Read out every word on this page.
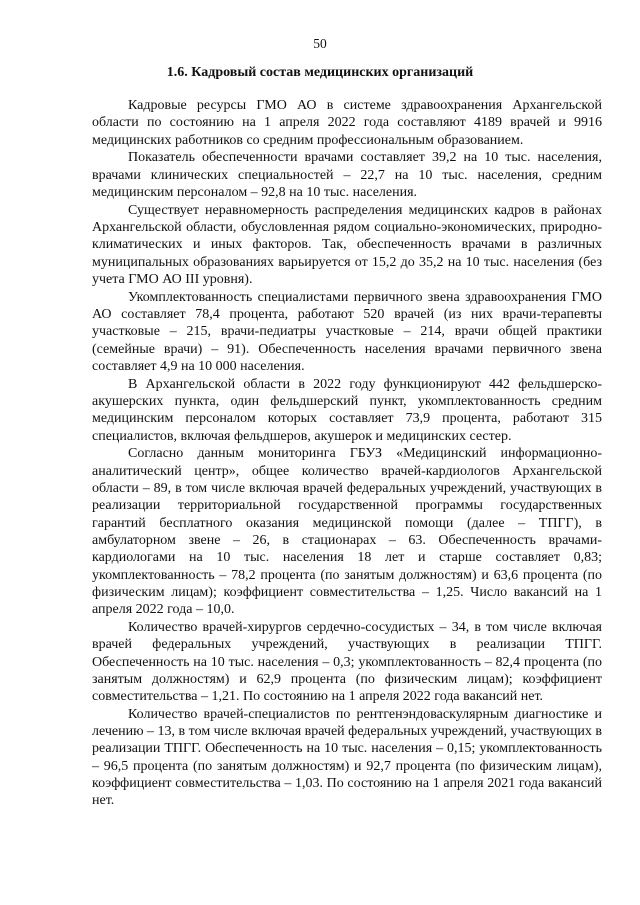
50
1.6. Кадровый состав медицинских организаций

Кадровые ресурсы ГМО АО в системе здравоохранения Архангельской области по состоянию на 1 апреля 2022 года составляют 4189 врачей и 9916 медицинских работников со средним профессиональным образованием.

Показатель обеспеченности врачами составляет 39,2 на 10 тыс. населения, врачами клинических специальностей – 22,7 на 10 тыс. населения, средним медицинским персоналом – 92,8 на 10 тыс. населения.

Существует неравномерность распределения медицинских кадров в районах Архангельской области, обусловленная рядом социально-экономических, природно-климатических и иных факторов. Так, обеспеченность врачами в различных муниципальных образованиях варьируется от 15,2 до 35,2 на 10 тыс. населения (без учета ГМО АО III уровня).

Укомплектованность специалистами первичного звена здравоохранения ГМО АО составляет 78,4 процента, работают 520 врачей (из них врачи-терапевты участковые – 215, врачи-педиатры участковые – 214, врачи общей практики (семейные врачи) – 91). Обеспеченность населения врачами первичного звена составляет 4,9 на 10 000 населения.

В Архангельской области в 2022 году функционируют 442 фельдшерско-акушерских пункта, один фельдшерский пункт, укомплектованность средним медицинским персоналом которых составляет 73,9 процента, работают 315 специалистов, включая фельдшеров, акушерок и медицинских сестер.

Согласно данным мониторинга ГБУЗ «Медицинский информационно-аналитический центр», общее количество врачей-кардиологов Архангельской области – 89, в том числе включая врачей федеральных учреждений, участвующих в реализации территориальной государственной программы государственных гарантий бесплатного оказания медицинской помощи (далее – ТПГГ), в амбулаторном звене – 26, в стационарах – 63. Обеспеченность врачами-кардиологами на 10 тыс. населения 18 лет и старше составляет 0,83; укомплектованность – 78,2 процента (по занятым должностям) и 63,6 процента (по физическим лицам); коэффициент совместительства – 1,25. Число вакансий на 1 апреля 2022 года – 10,0.

Количество врачей-хирургов сердечно-сосудистых – 34, в том числе включая врачей федеральных учреждений, участвующих в реализации ТПГГ. Обеспеченность на 10 тыс. населения – 0,3; укомплектованность – 82,4 процента (по занятым должностям) и 62,9 процента (по физическим лицам); коэффициент совместительства – 1,21. По состоянию на 1 апреля 2022 года вакансий нет.

Количество врачей-специалистов по рентгенэндоваскулярным диагностике и лечению – 13, в том числе включая врачей федеральных учреждений, участвующих в реализации ТПГГ. Обеспеченность на 10 тыс. населения – 0,15; укомплектованность – 96,5 процента (по занятым должностям) и 92,7 процента (по физическим лицам), коэффициент совместительства – 1,03. По состоянию на 1 апреля 2021 года вакансий нет.
